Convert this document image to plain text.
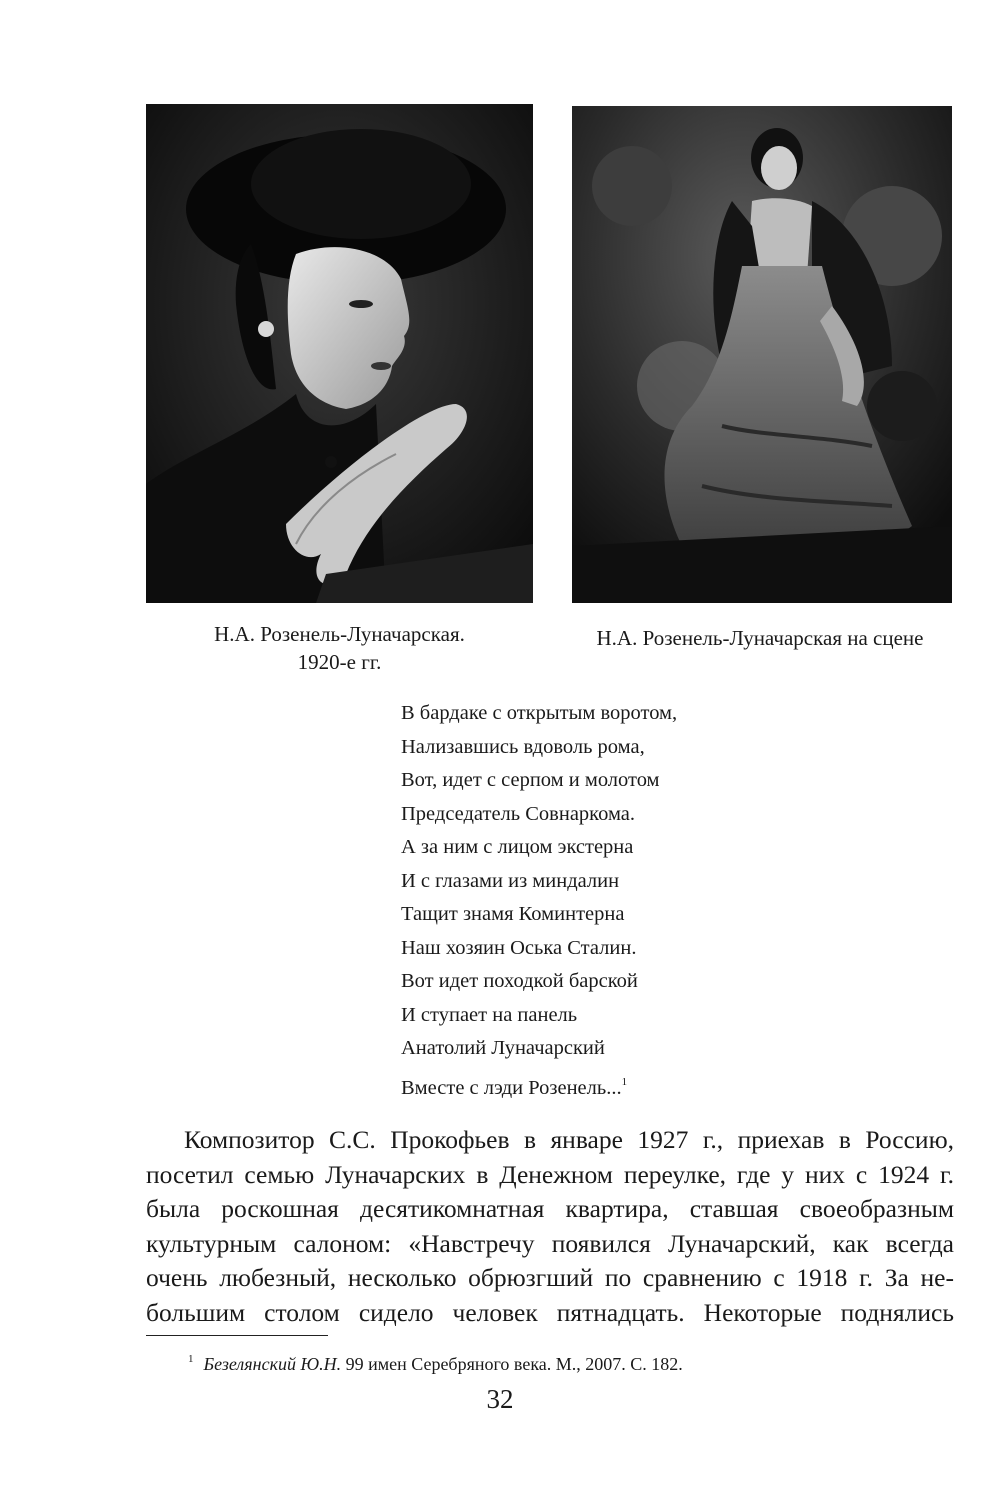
Н.А. Розенель-Луначарская.
1920-е гг.
Н.А. Розенель-Луначарская на сцене
В бардаке с открытым воротом,
Нализавшись вдоволь рома,
Вот, идет с серпом и молотом
Председатель Совнаркома.
А за ним с лицом экстерна
И с глазами из миндалин
Тащит знамя Коминтерна
Наш хозяин Оська Сталин.
Вот идет походкой барской
И ступает на панель
Анатолий Луначарский
Вместе с лэди Розенель...$^1$
Композитор С.С. Прокофьев в январе 1927 г., приехав в Россию,
посетил семью Луначарских в Денежном переулке, где у них с 1924 г.
была роскошная десятикомнатная квартира, ставшая своеобразным
культурным салоном: «Навстречу появился Луначарский, как всегда
очень любезный, несколько обрюзгший по сравнению с 1918 г. За не-
большим столом сидело человек пятнадцать. Некоторые поднялись
$^1$ Безелянский Ю.Н. 99 имен Серебряного века. М., 2007. С. 182.
32
